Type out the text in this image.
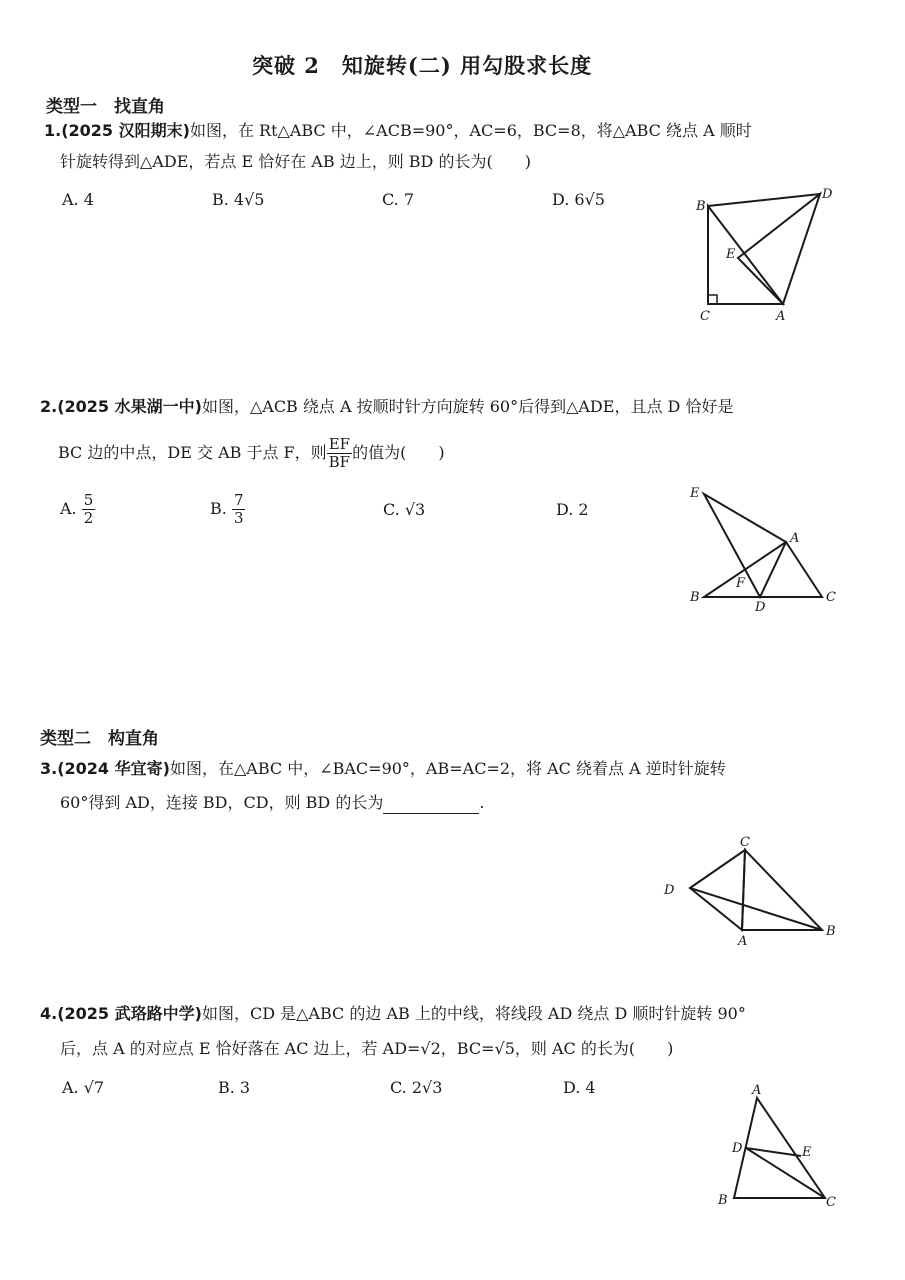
突破 2　知旋转(二) 用勾股求长度
类型一　找直角
1.(2025 汉阳期末)如图，在 Rt△ABC 中，∠ACB=90°，AC=6，BC=8，将△ABC 绕点 A 顺时
针旋转得到△ADE，若点 E 恰好在 AB 边上，则 BD 的长为(　　)
A. 4	B. 4√5	C. 7	D. 6√5	B
D
E
C	A
2.(2025 水果湖一中)如图，△ACB 绕点 A 按顺时针方向旋转 60°后得到△ADE，且点 D 恰好是
BC 边的中点，DE 交 AB 于点 F，则 $\frac{EF}{BF}$ 的值为(　　)
A. $\frac{5}{2}$	B. $\frac{7}{3}$	C. √3	D. 2
E
A
F
B
D
C
类型二　构直角
3.(2024 华宜寄)如图，在△ABC 中，∠BAC=90°，AB=AC=2，将 AC 绕着点 A 逆时针旋转
60°得到 AD，连接 BD，CD，则 BD 的长为	.
C
D
A
B
4.(2025 武珞路中学)如图，CD 是△ABC 的边 AB 上的中线，将线段 AD 绕点 D 顺时针旋转 90°
后，点 A 的对应点 E 恰好落在 AC 边上，若 AD=√2，BC=√5，则 AC 的长为(　　)
A. √7	B. 3	C. 2√3	D. 4	A
D	E
B	C
